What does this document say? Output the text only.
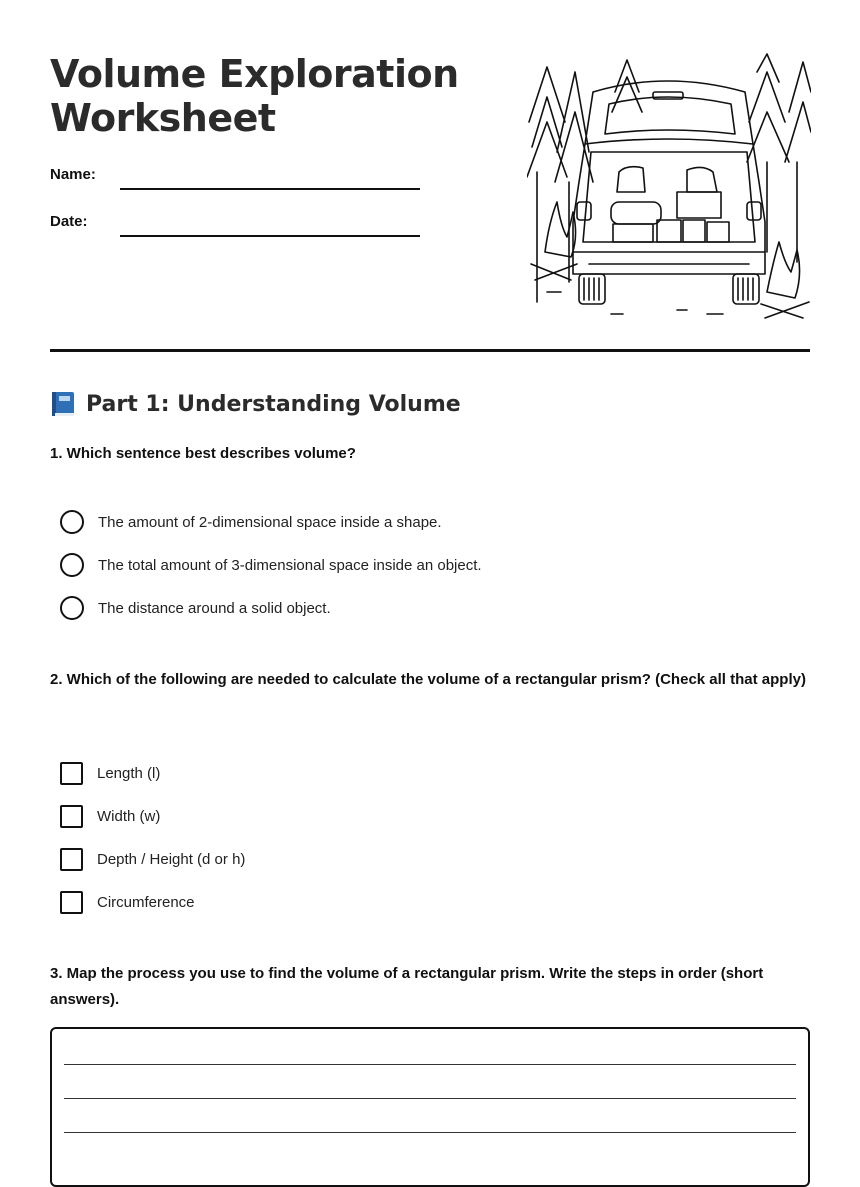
Volume Exploration
Worksheet
Name:
Date:
Part 1: Understanding Volume

1. Which sentence best describes volume?

The amount of 2-dimensional space inside a shape.
The total amount of 3-dimensional space inside an object.
The distance around a solid object.

2. Which of the following are needed to calculate the volume of a rectangular prism? (Check all that apply)

Length (l)
Width (w)
Depth / Height (d or h)
Circumference

3. Map the process you use to find the volume of a rectangular prism. Write the steps in order (short answers).
